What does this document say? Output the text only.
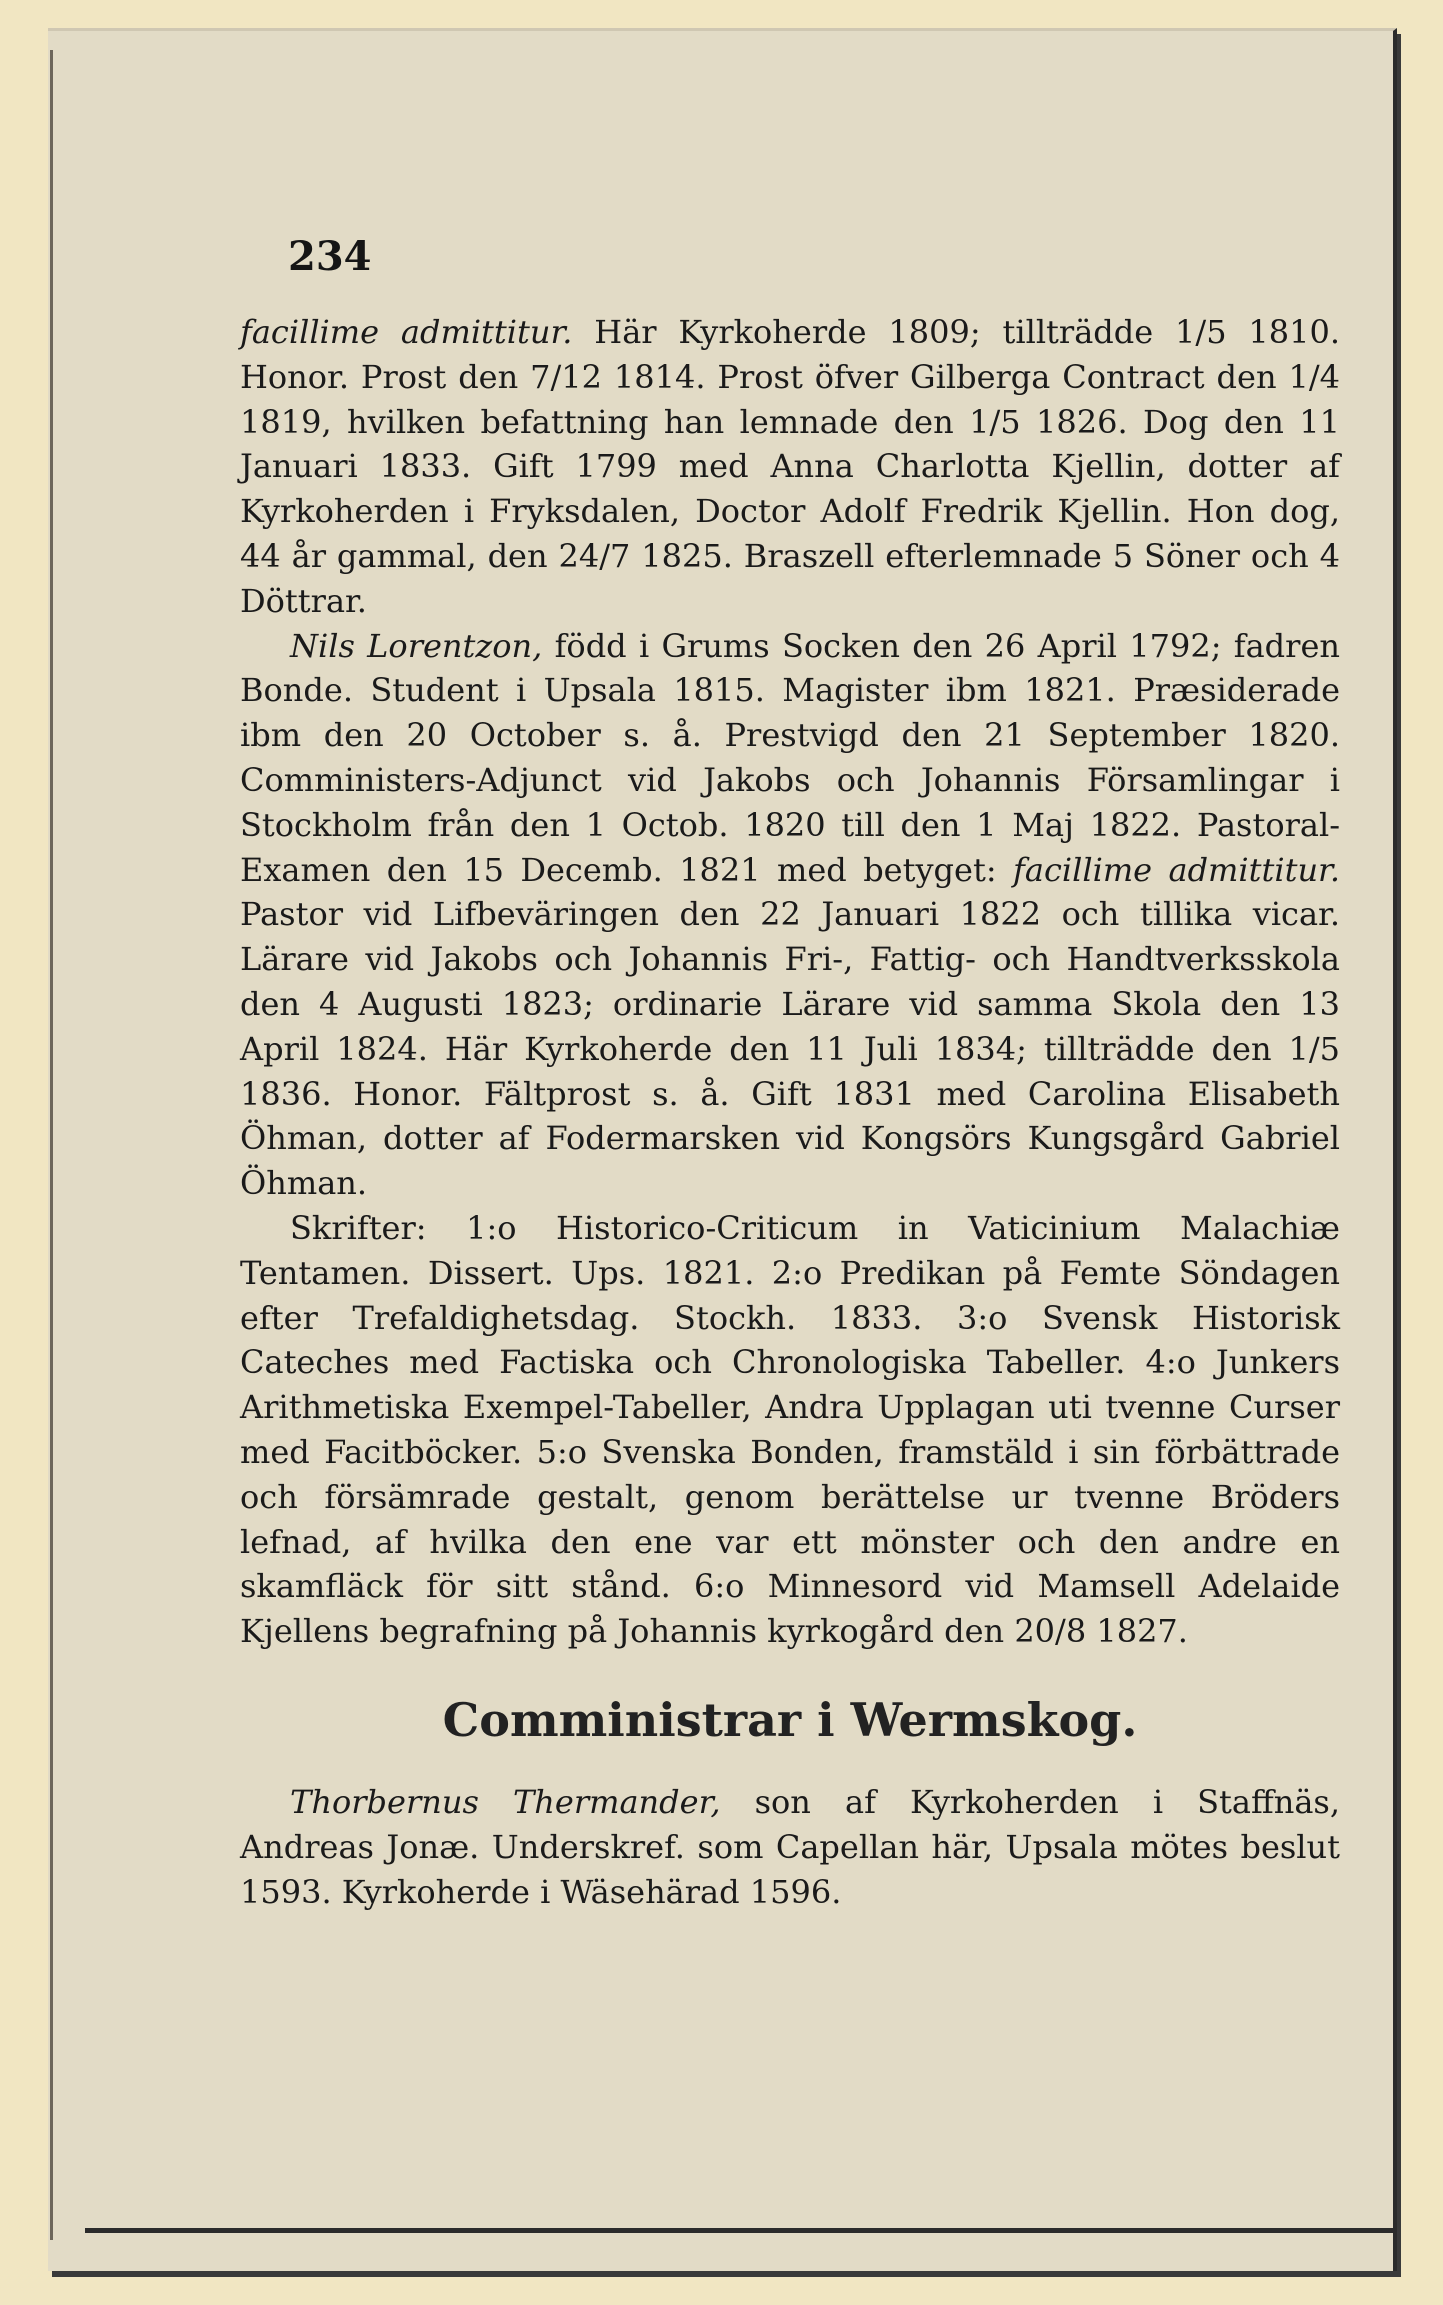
234

facillime admittitur. Här Kyrkoherde 1809; tillträdde 1/5 1810. Honor. Prost den 7/12 1814. Prost öfver Gilberga Contract den 1/4 1819, hvilken befattning han lemnade den 1/5 1826. Dog den 11 Januari 1833. Gift 1799 med Anna Charlotta Kjellin, dotter af Kyrkoherden i Fryksdalen, Doctor Adolf Fredrik Kjellin. Hon dog, 44 år gammal, den 24/7 1825. Braszell efterlemnade 5 Söner och 4 Döttrar.

Nils Lorentzon, född i Grums Socken den 26 April 1792; fadren Bonde. Student i Upsala 1815. Magister ibm 1821. Præsiderade ibm den 20 October s. å. Prestvigd den 21 September 1820. Comministers-Adjunct vid Jakobs och Johannis Församlingar i Stockholm från den 1 Octob. 1820 till den 1 Maj 1822. Pastoral-Examen den 15 Decemb. 1821 med betyget: facillime admittitur. Pastor vid Lifbeväringen den 22 Januari 1822 och tillika vicar. Lärare vid Jakobs och Johannis Fri-, Fattig- och Handtverksskola den 4 Augusti 1823; ordinarie Lärare vid samma Skola den 13 April 1824. Här Kyrkoherde den 11 Juli 1834; tillträdde den 1/5 1836. Honor. Fältprost s. å. Gift 1831 med Carolina Elisabeth Öhman, dotter af Fodermarsken vid Kongsörs Kungsgård Gabriel Öhman.

Skrifter: 1:o Historico-Criticum in Vaticinium Malachiæ Tentamen. Dissert. Ups. 1821. 2:o Predikan på Femte Söndagen efter Trefaldighetsdag. Stockh. 1833. 3:o Svensk Historisk Cateches med Factiska och Chronologiska Tabeller. 4:o Junkers Arithmetiska Exempel-Tabeller, Andra Upplagan uti tvenne Curser med Facitböcker. 5:o Svenska Bonden, framstäld i sin förbättrade och försämrade gestalt, genom berättelse ur tvenne Bröders lefnad, af hvilka den ene var ett mönster och den andre en skamfläck för sitt stånd. 6:o Minnesord vid Mamsell Adelaide Kjellens begrafning på Johannis kyrkogård den 20/8 1827.

Comministrar i Wermskog.

Thorbernus Thermander, son af Kyrkoherden i Staffnäs, Andreas Jonæ. Underskref. som Capellan här, Upsala mötes beslut 1593. Kyrkoherde i Wäsehärad 1596.
